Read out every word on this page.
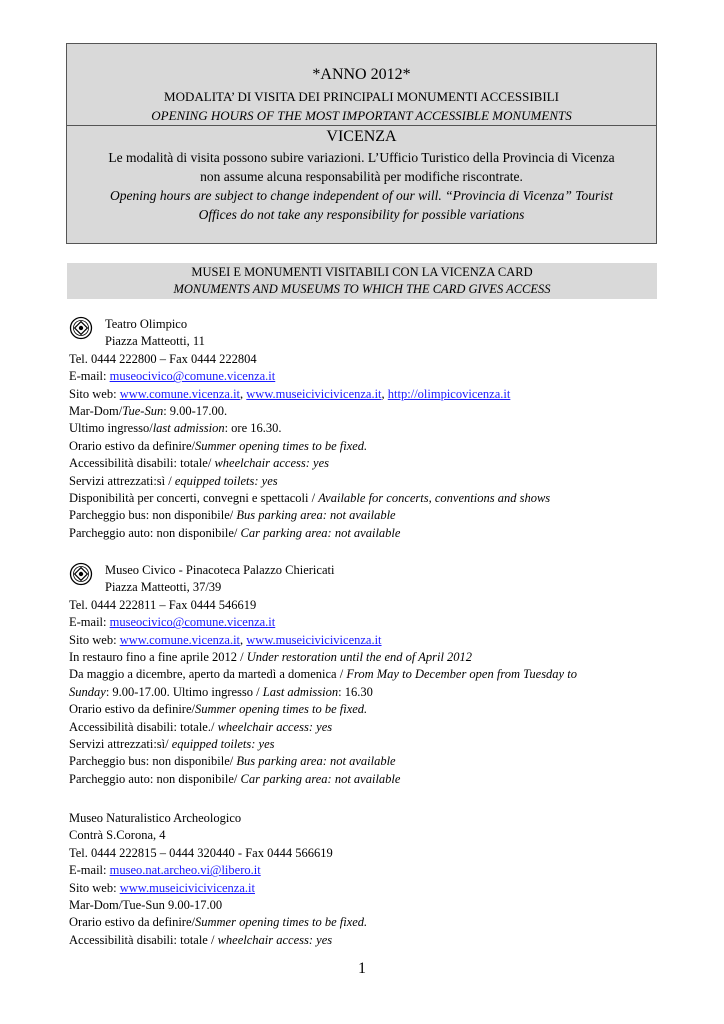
*ANNO 2012*
MODALITA’ DI VISITA DEI PRINCIPALI MONUMENTI ACCESSIBILI
OPENING HOURS OF THE MOST IMPORTANT ACCESSIBLE MONUMENTS
VICENZA
Le modalità di visita possono subire variazioni. L’Ufficio Turistico della Provincia di Vicenza
non assume alcuna responsabilità per modifiche riscontrate.
Opening hours are subject to change independent of our will. “Provincia di Vicenza” Tourist
Offices do not take any responsibility for possible variations
MUSEI E MONUMENTI VISITABILI CON LA VICENZA CARD
MONUMENTS AND MUSEUMS TO WHICH THE CARD GIVES ACCESS
Teatro Olimpico
Piazza Matteotti, 11
Tel. 0444 222800 – Fax 0444 222804
E-mail: museocivico@comune.vicenza.it
Sito web: www.comune.vicenza.it, www.museicivicivicenza.it, http://olimpicovicenza.it
Mar-Dom/Tue-Sun: 9.00-17.00.
Ultimo ingresso/last admission: ore 16.30.
Orario estivo da definire/Summer opening times to be fixed.
Accessibilità disabili: totale/ wheelchair access: yes
Servizi attrezzati:sì / equipped toilets: yes
Disponibilità per concerti, convegni e spettacoli / Available for concerts, conventions and shows
Parcheggio bus: non disponibile/ Bus parking area: not available
Parcheggio auto: non disponibile/ Car parking area: not available
Museo Civico - Pinacoteca Palazzo Chiericati
Piazza Matteotti, 37/39
Tel. 0444 222811 – Fax 0444 546619
E-mail: museocivico@comune.vicenza.it
Sito web: www.comune.vicenza.it, www.museicivicivicenza.it
In restauro fino a fine aprile 2012 / Under restoration until the end of April 2012
Da maggio a dicembre, aperto da martedì a domenica / From May to December open from Tuesday to
Sunday: 9.00-17.00. Ultimo ingresso / Last admission: 16.30
Orario estivo da definire/Summer opening times to be fixed.
Accessibilità disabili: totale./ wheelchair access: yes
Servizi attrezzati:sì/ equipped toilets: yes
Parcheggio bus: non disponibile/ Bus parking area: not available
Parcheggio auto: non disponibile/ Car parking area: not available
Museo Naturalistico Archeologico
Contrà S.Corona, 4
Tel. 0444 222815 – 0444 320440 - Fax 0444 566619
E-mail: museo.nat.archeo.vi@libero.it
Sito web: www.museicivicivicenza.it
Mar-Dom/Tue-Sun 9.00-17.00
Orario estivo da definire/Summer opening times to be fixed.
Accessibilità disabili: totale / wheelchair access: yes
1
